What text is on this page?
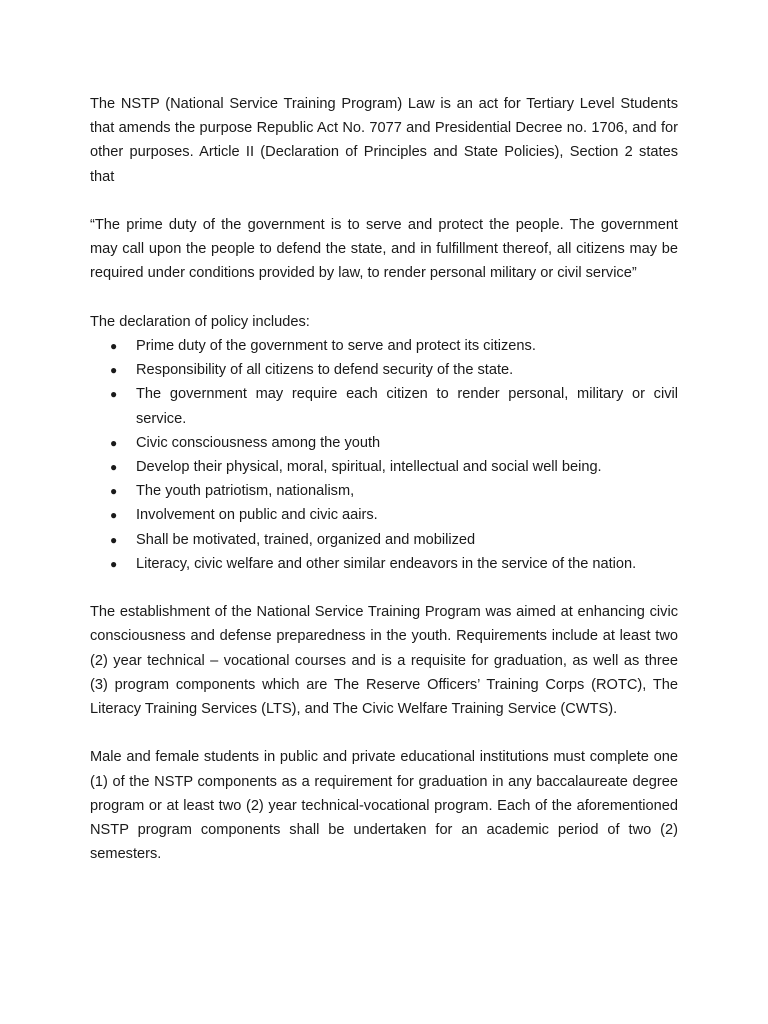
The NSTP (National Service Training Program) Law is an act for Tertiary Level Students that amends the purpose Republic Act No. 7077 and Presidential Decree no. 1706, and for other purposes. Article II (Declaration of Principles and State Policies), Section 2 states that

“The prime duty of the government is to serve and protect the people. The government may call upon the people to defend the state, and in fulfillment thereof, all citizens may be required under conditions provided by law, to render personal military or civil service”

The declaration of policy includes:

● Prime duty of the government to serve and protect its citizens.
● Responsibility of all citizens to defend security of the state.
● The government may require each citizen to render personal, military or civil service.
● Civic consciousness among the youth
● Develop their physical, moral, spiritual, intellectual and social well being.
● The youth patriotism, nationalism,
● Involvement on public and civic aairs.
● Shall be motivated, trained, organized and mobilized
● Literacy, civic welfare and other similar endeavors in the service of the nation.

The establishment of the National Service Training Program was aimed at enhancing civic consciousness and defense preparedness in the youth. Requirements include at least two (2) year technical – vocational courses and is a requisite for graduation, as well as three (3) program components which are The Reserve Officers’ Training Corps (ROTC), The Literacy Training Services (LTS), and The Civic Welfare Training Service (CWTS).

Male and female students in public and private educational institutions must complete one (1) of the NSTP components as a requirement for graduation in any baccalaureate degree program or at least two (2) year technical-vocational program. Each of the aforementioned NSTP program components shall be undertaken for an academic period of two (2) semesters.
